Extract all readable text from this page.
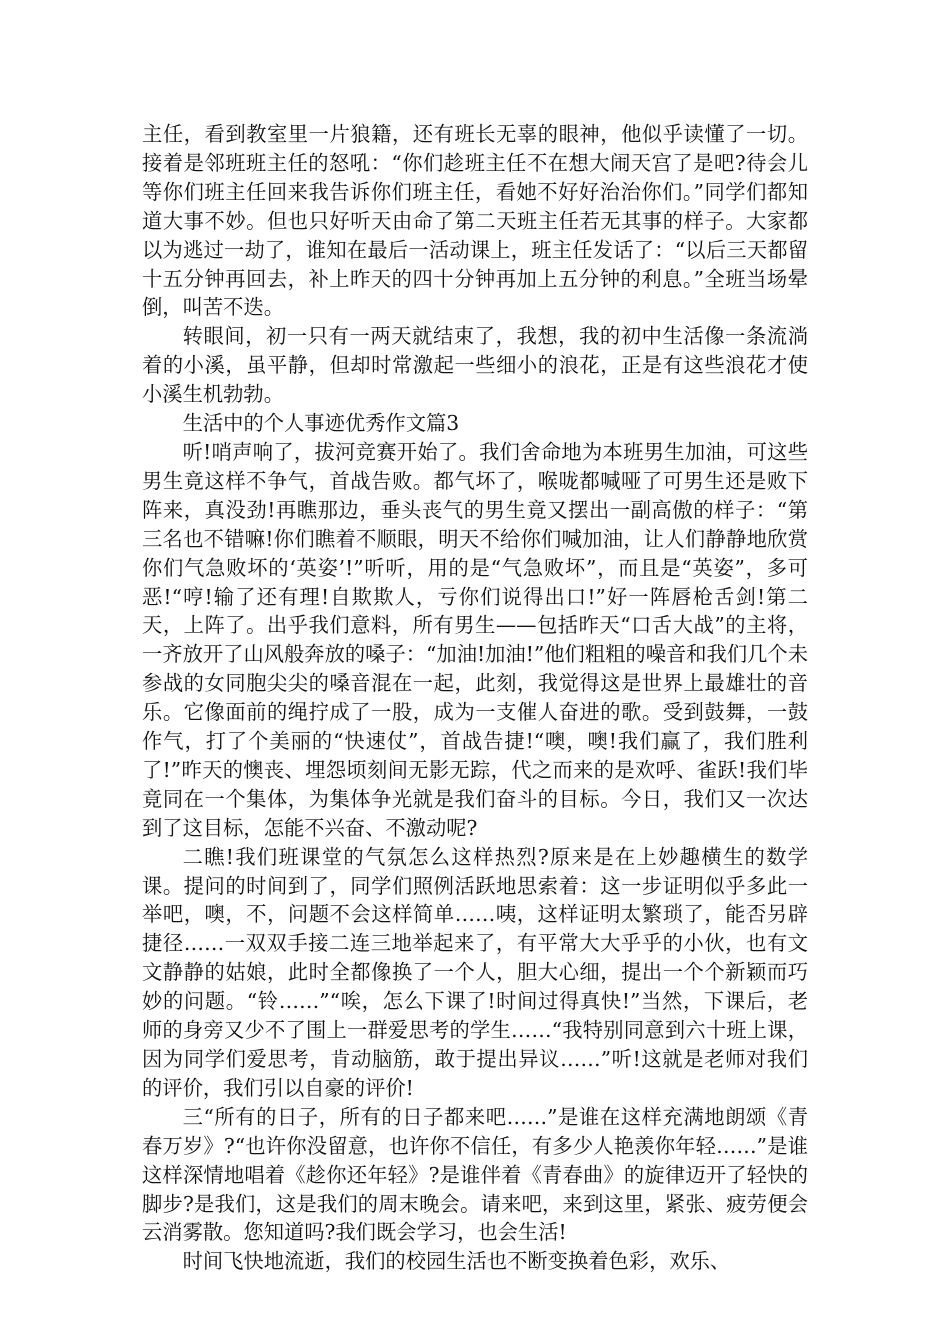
主任，看到教室里一片狼籍，还有班长无辜的眼神，他似乎读懂了一切。接着是邻班班主任的怒吼：“你们趁班主任不在想大闹天宫了是吧?待会儿等你们班主任回来我告诉你们班主任，看她不好好治治你们。”同学们都知道大事不妙。但也只好听天由命了第二天班主任若无其事的样子。大家都以为逃过一劫了，谁知在最后一活动课上，班主任发话了：“以后三天都留十五分钟再回去，补上昨天的四十分钟再加上五分钟的利息。”全班当场晕倒，叫苦不迭。

转眼间，初一只有一两天就结束了，我想，我的初中生活像一条流淌着的小溪，虽平静，但却时常激起一些细小的浪花，正是有这些浪花才使小溪生机勃勃。

生活中的个人事迹优秀作文篇3

听!哨声响了，拔河竞赛开始了。我们舍命地为本班男生加油，可这些男生竟这样不争气，首战告败。都气坏了，喉咙都喊哑了可男生还是败下阵来，真没劲!再瞧那边，垂头丧气的男生竟又摆出一副高傲的样子：“第三名也不错嘛!你们瞧着不顺眼，明天不给你们喊加油，让人们静静地欣赏你们气急败坏的‘英姿’!”听听，用的是“气急败坏”，而且是“英姿”，多可恶!“哼!输了还有理!自欺欺人，亏你们说得出口!”好一阵唇枪舌剑!第二天，上阵了。出乎我们意料，所有男生——包括昨天“口舌大战”的主将，一齐放开了山风般奔放的嗓子：“加油!加油!”他们粗粗的噪音和我们几个未参战的女同胞尖尖的嗓音混在一起，此刻，我觉得这是世界上最雄壮的音乐。它像面前的绳拧成了一股，成为一支催人奋进的歌。受到鼓舞，一鼓作气，打了个美丽的“快速仗”，首战告捷!“噢，噢!我们赢了，我们胜利了!”昨天的懊丧、埋怨顷刻间无影无踪，代之而来的是欢呼、雀跃!我们毕竟同在一个集体，为集体争光就是我们奋斗的目标。今日，我们又一次达到了这目标，怎能不兴奋、不激动呢?

二瞧!我们班课堂的气氛怎么这样热烈?原来是在上妙趣横生的数学课。提问的时间到了，同学们照例活跃地思索着：这一步证明似乎多此一举吧，噢，不，问题不会这样简单……咦，这样证明太繁琐了，能否另辟捷径……一双双手接二连三地举起来了，有平常大大乎乎的小伙，也有文文静静的姑娘，此时全都像换了一个人，胆大心细，提出一个个新颖而巧妙的问题。“铃……”“唉，怎么下课了!时间过得真快!”当然，下课后，老师的身旁又少不了围上一群爱思考的学生……“我特别同意到六十班上课，因为同学们爱思考，肯动脑筋，敢于提出异议……”听!这就是老师对我们的评价，我们引以自豪的评价!

三“所有的日子，所有的日子都来吧……”是谁在这样充满地朗颂《青春万岁》?“也许你没留意，也许你不信任，有多少人艳羡你年轻……”是谁这样深情地唱着《趁你还年轻》?是谁伴着《青春曲》的旋律迈开了轻快的脚步?是我们，这是我们的周末晚会。请来吧，来到这里，紧张、疲劳便会云消雾散。您知道吗?我们既会学习，也会生活!

时间飞快地流逝，我们的校园生活也不断变换着色彩，欢乐、
